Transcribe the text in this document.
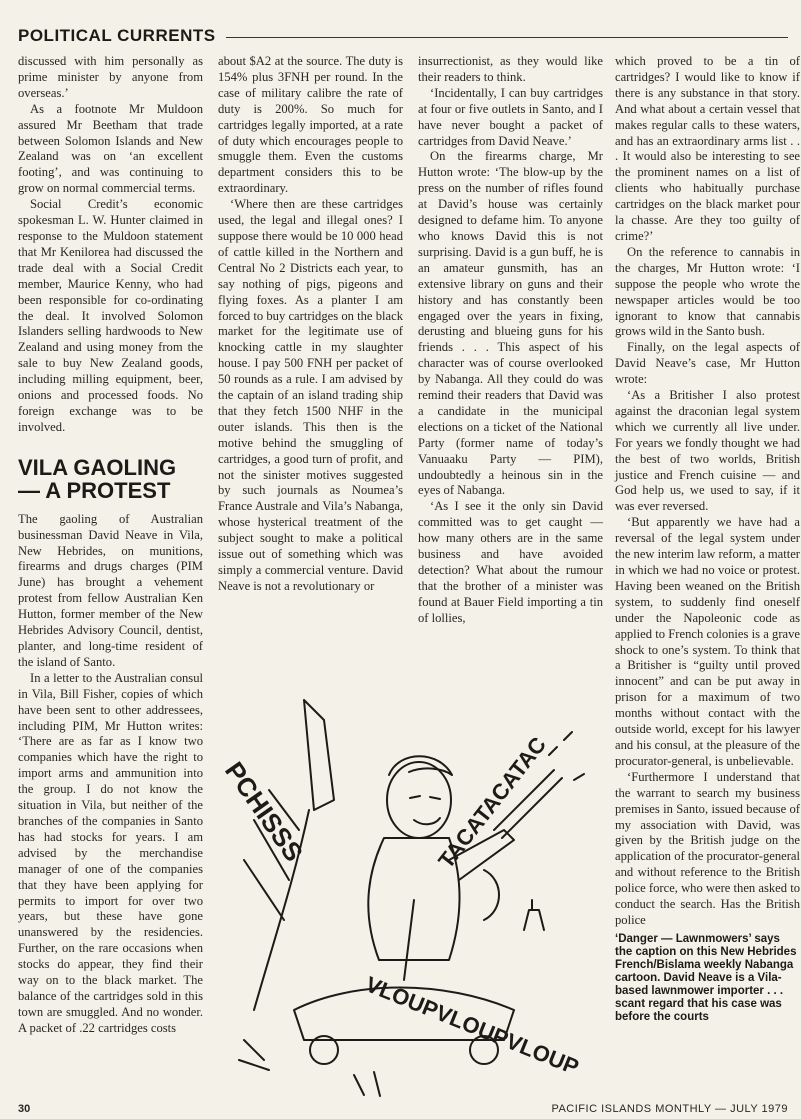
POLITICAL CURRENTS

discussed with him personally as prime minister by anyone from overseas.’

As a footnote Mr Muldoon assured Mr Beetham that trade between Solomon Islands and New Zealand was on ‘an excellent footing’, and was continuing to grow on normal commercial terms.

Social Credit’s economic spokesman L. W. Hunter claimed in response to the Muldoon statement that Mr Kenilorea had discussed the trade deal with a Social Credit member, Maurice Kenny, who had been responsible for co-ordinating the deal. It involved Solomon Islanders selling hardwoods to New Zealand and using money from the sale to buy New Zealand goods, including milling equipment, beer, onions and processed foods. No foreign exchange was to be involved.

VILA GAOLING — A PROTEST

The gaoling of Australian businessman David Neave in Vila, New Hebrides, on munitions, firearms and drugs charges (PIM June) has brought a vehement protest from fellow Australian Ken Hutton, former member of the New Hebrides Advisory Council, dentist, planter, and long-time resident of the island of Santo.

In a letter to the Australian consul in Vila, Bill Fisher, copies of which have been sent to other addressees, including PIM, Mr Hutton writes: ‘There are as far as I know two companies which have the right to import arms and ammunition into the group. I do not know the situation in Vila, but neither of the branches of the companies in Santo has had stocks for years. I am advised by the merchandise manager of one of the companies that they have been applying for permits to import for over two years, but these have gone unanswered by the residencies. Further, on the rare occasions when stocks do appear, they find their way on to the black market. The balance of the cartridges sold in this town are smuggled. And no wonder. A packet of .22 cartridges costs

about $A2 at the source. The duty is 154% plus 3FNH per round. In the case of military calibre the rate of duty is 200%. So much for cartridges legally imported, at a rate of duty which encourages people to smuggle them. Even the customs department considers this to be extraordinary.

‘Where then are these cartridges used, the legal and illegal ones? I suppose there would be 10 000 head of cattle killed in the Northern and Central No 2 Districts each year, to say nothing of pigs, pigeons and flying foxes. As a planter I am forced to buy cartridges on the black market for the legitimate use of knocking cattle in my slaughter house. I pay 500 FNH per packet of 50 rounds as a rule. I am advised by the captain of an island trading ship that they fetch 1500 NHF in the outer islands. This then is the motive behind the smuggling of cartridges, a good turn of profit, and not the sinister motives suggested by such journals as Noumea’s France Australe and Vila’s Nabanga, whose hysterical treatment of the subject sought to make a political issue out of something which was simply a commercial venture. David Neave is not a revolutionary or

insurrectionist, as they would like their readers to think.

‘Incidentally, I can buy cartridges at four or five outlets in Santo, and I have never bought a packet of cartridges from David Neave.’

On the firearms charge, Mr Hutton wrote: ‘The blow-up by the press on the number of rifles found at David’s house was certainly designed to defame him. To anyone who knows David this is not surprising. David is a gun buff, he is an amateur gunsmith, has an extensive library on guns and their history and has constantly been engaged over the years in fixing, derusting and blueing guns for his friends . . . This aspect of his character was of course overlooked by Nabanga. All they could do was remind their readers that David was a candidate in the municipal elections on a ticket of the National Party (former name of today’s Vanuaaku Party — PIM), undoubtedly a heinous sin in the eyes of Nabanga.

‘As I see it the only sin David committed was to get caught — how many others are in the same business and have avoided detection? What about the rumour that the brother of a minister was found at Bauer Field importing a tin of lollies,

which proved to be a tin of cartridges? I would like to know if there is any substance in that story. And what about a certain vessel that makes regular calls to these waters, and has an extraordinary arms list . . . It would also be interesting to see the prominent names on a list of clients who habitually purchase cartridges on the black market pour la chasse. Are they too guilty of crime?’

On the reference to cannabis in the charges, Mr Hutton wrote: ‘I suppose the people who wrote the newspaper articles would be too ignorant to know that cannabis grows wild in the Santo bush.

Finally, on the legal aspects of David Neave’s case, Mr Hutton wrote:

‘As a Britisher I also protest against the draconian legal system which we currently all live under. For years we fondly thought we had the best of two worlds, British justice and French cuisine — and God help us, we used to say, if it was ever reversed.

‘But apparently we have had a reversal of the legal system under the new interim law reform, a matter in which we had no voice or protest. Having been weaned on the British system, to suddenly find oneself under the Napoleonic code as applied to French colonies is a grave shock to one’s system. To think that a Britisher is “guilty until proved innocent” and can be put away in prison for a maximum of two months without contact with the outside world, except for his lawyer and his consul, at the pleasure of the procurator-general, is unbelievable.

‘Furthermore I understand that the warrant to search my business premises in Santo, issued because of my association with David, was given by the British judge on the application of the procurator-general and without reference to the British police force, who were then asked to conduct the search. Has the British police

‘Danger — Lawnmowers’ says the caption on this New Hebrides French/Bislama weekly Nabanga cartoon. David Neave is a Vila-based lawnmower importer . . . scant regard that his case was before the courts
PCHISSS	TACATACATAC
VLOUPVLOUPVLOUP
30	PACIFIC ISLANDS MONTHLY — JULY 1979
